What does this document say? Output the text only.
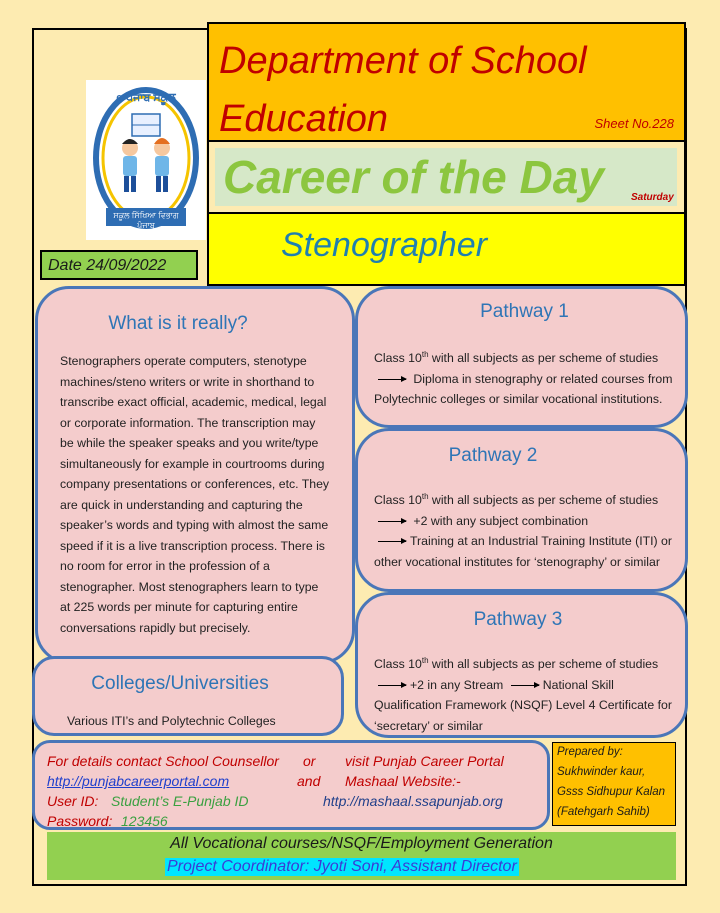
Department of School
Education	Sheet No.228
Career of the Day	Saturday
Stenographer
e-ਪੰਜਾਬ ਸਕੂਲ
ਸਕੂਲ ਸਿੱਖਿਆ ਵਿਭਾਗ ਪੰਜਾਬ
Date 24/09/2022
What is it really?

Stenographers operate computers, stenotype machines/steno writers or write in shorthand to transcribe exact official, academic, medical, legal or corporate information. The transcription may be while the speaker speaks and you write/type simultaneously for example in courtrooms during company presentations or conferences, etc. They are quick in understanding and capturing the speaker’s words and typing with almost the same speed if it is a live transcription process. There is no room for error in the profession of a stenographer. Most stenographers learn to type at 225 words per minute for capturing entire conversations rapidly but precisely.

Colleges/Universities

Various ITI’s and Polytechnic Colleges

Pathway 1

Class 10th with all subjects as per scheme of studies
Diploma in stenography or related courses from Polytechnic colleges or similar vocational institutions.

Pathway 2

Class 10th with all subjects as per scheme of studies  +2 with any subject combination
Training at an Industrial Training Institute (ITI) or other vocational institutes for ‘stenography’ or similar

Pathway 3

Class 10th with all subjects as per scheme of studies
+2 in any Stream	National Skill Qualification Framework (NSQF) Level 4 Certificate for ‘secretary’ or similar

For details contact School Counsellor or visit Punjab Career Portal
http://punjabcareerportal.com	and Mashaal Website:-
User ID: Student’s E-Punjab ID	http://mashaal.ssapunjab.org
Password: 123456
Prepared by:
Sukhwinder kaur,
Gsss Sidhupur Kalan
(Fatehgarh Sahib)
All Vocational courses/NSQF/Employment Generation
Project Coordinator: Jyoti Soni, Assistant Director
